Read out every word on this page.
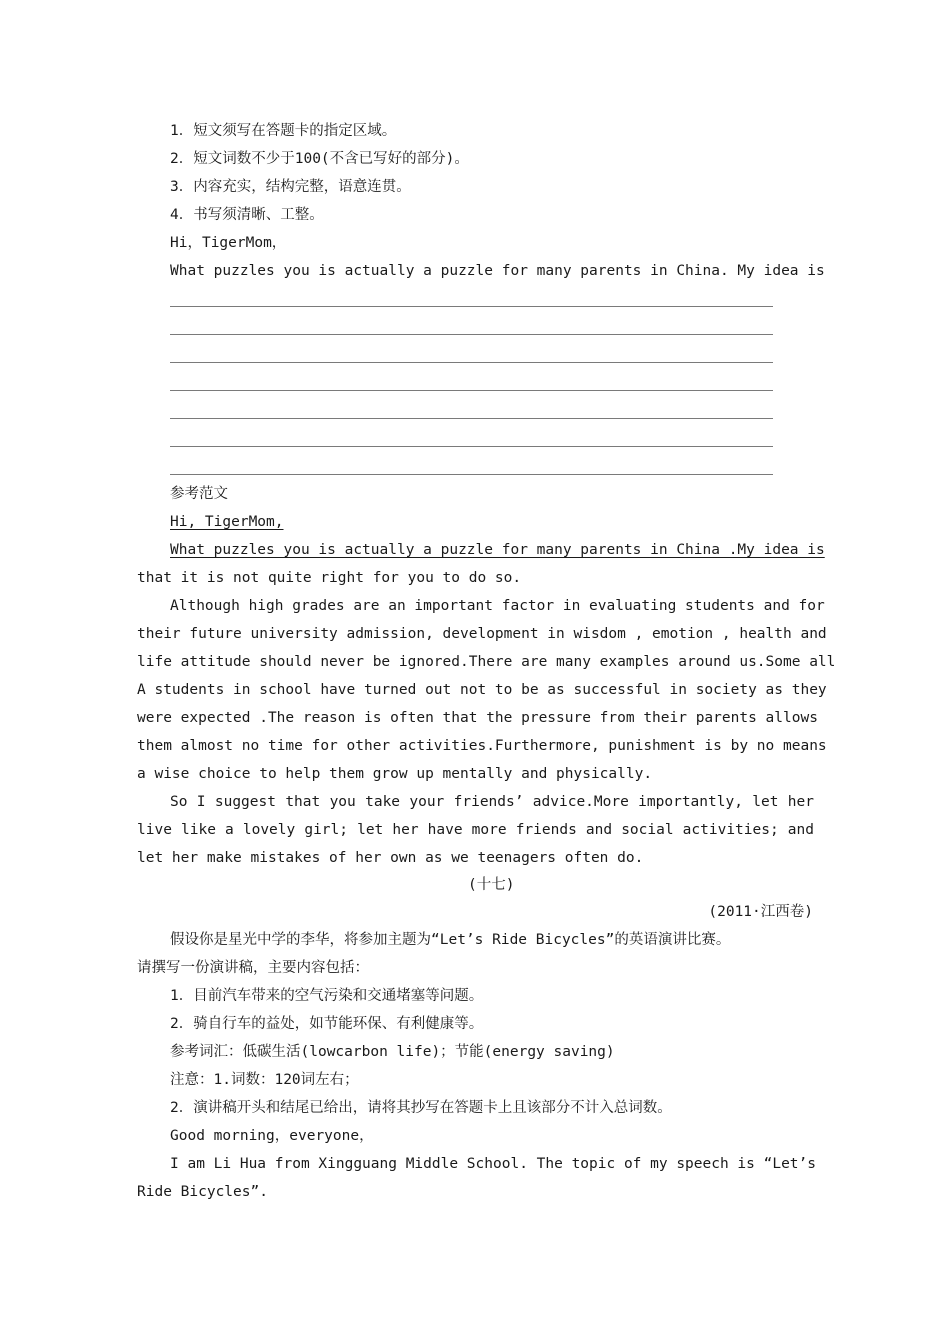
1．短文须写在答题卡的指定区域。
2．短文词数不少于100(不含已写好的部分)。
3．内容充实，结构完整，语意连贯。
4．书写须清晰、工整。
Hi，TigerMom，
What puzzles you is actually a puzzle for many parents in China. My idea is
参考范文
Hi, TigerMom,
What puzzles you is actually a puzzle for many parents in China .My idea is
that it is not quite right for you to do so.
Although high grades are an important factor in evaluating students and for
their future university admission, development in wisdom , emotion , health and
life attitude should never be ignored.There are many examples around us.Some all
A students in school have turned out not to be as successful in society as they
were expected .The reason is often that the pressure from their parents allows
them almost no time for other activities.Furthermore, punishment is by no means
a wise choice to help them grow up mentally and physically.
So I suggest that you take your friends’ advice.More importantly, let her
live like a lovely girl; let her have more friends and social activities; and
let her make mistakes of her own as we teenagers often do.
(十七)
(2011·江西卷)
假设你是星光中学的李华，将参加主题为“Let’s Ride Bicycles”的英语演讲比赛。
请撰写一份演讲稿，主要内容包括：
1．目前汽车带来的空气污染和交通堵塞等问题。
2．骑自行车的益处，如节能环保、有利健康等。
参考词汇：低碳生活(lowcarbon life)；节能(energy saving)
注意：1.词数：120词左右；
2．演讲稿开头和结尾已给出，请将其抄写在答题卡上且该部分不计入总词数。
Good morning，everyone，
I am Li Hua from Xingguang Middle School. The topic of my speech is “Let’s
Ride Bicycles”.
